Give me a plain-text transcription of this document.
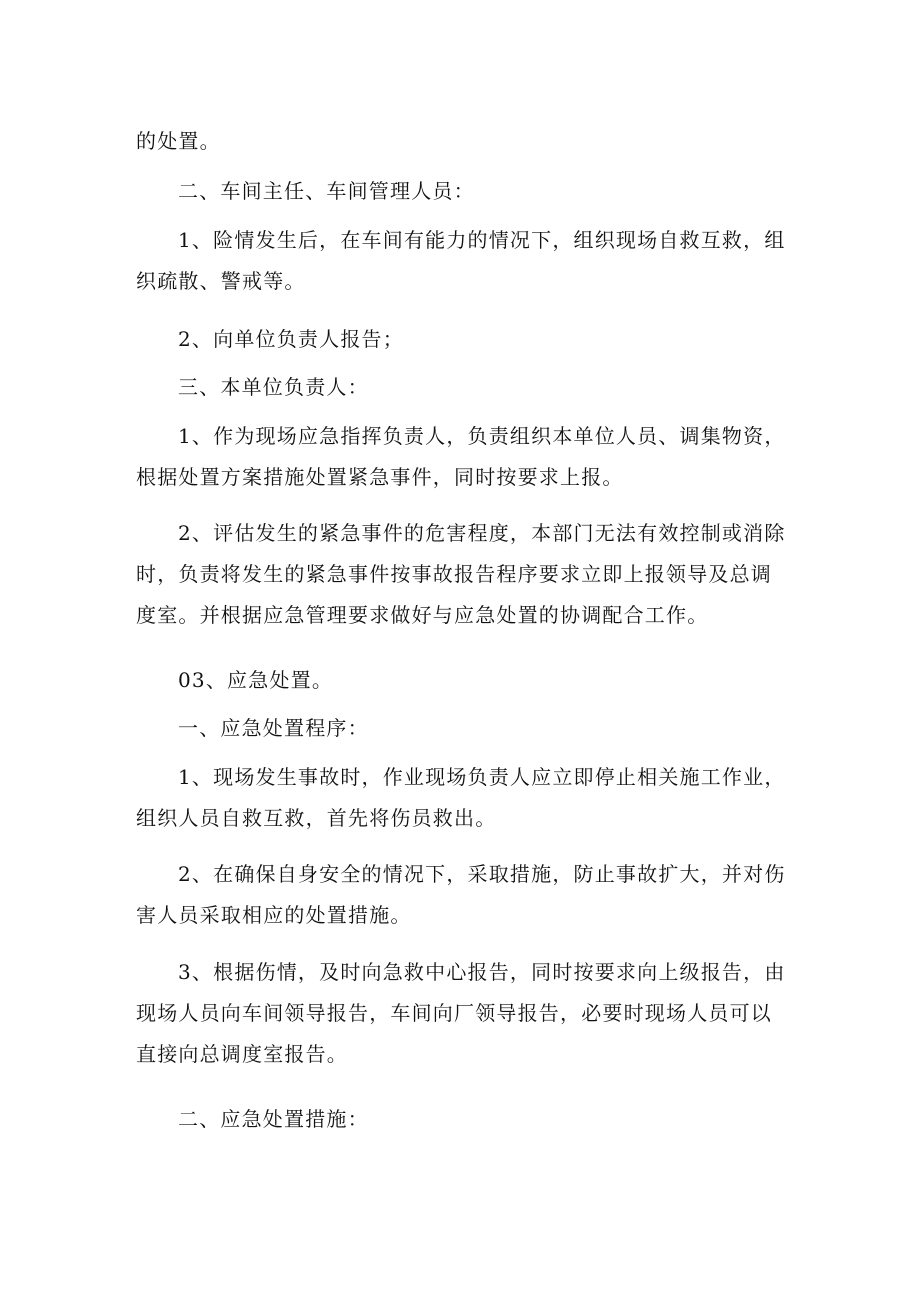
的处置。
二、车间主任、车间管理人员：
1、险情发生后，在车间有能力的情况下，组织现场自救互救，组织疏散、警戒等。
2、向单位负责人报告；
三、本单位负责人：
1、作为现场应急指挥负责人，负责组织本单位人员、调集物资，根据处置方案措施处置紧急事件，同时按要求上报。
2、评估发生的紧急事件的危害程度，本部门无法有效控制或消除时，负责将发生的紧急事件按事故报告程序要求立即上报领导及总调度室。并根据应急管理要求做好与应急处置的协调配合工作。
03、应急处置。
一、应急处置程序：
1、现场发生事故时，作业现场负责人应立即停止相关施工作业，组织人员自救互救，首先将伤员救出。
2、在确保自身安全的情况下，采取措施，防止事故扩大，并对伤害人员采取相应的处置措施。
3、根据伤情，及时向急救中心报告，同时按要求向上级报告，由现场人员向车间领导报告，车间向厂领导报告，必要时现场人员可以直接向总调度室报告。
二、应急处置措施：
